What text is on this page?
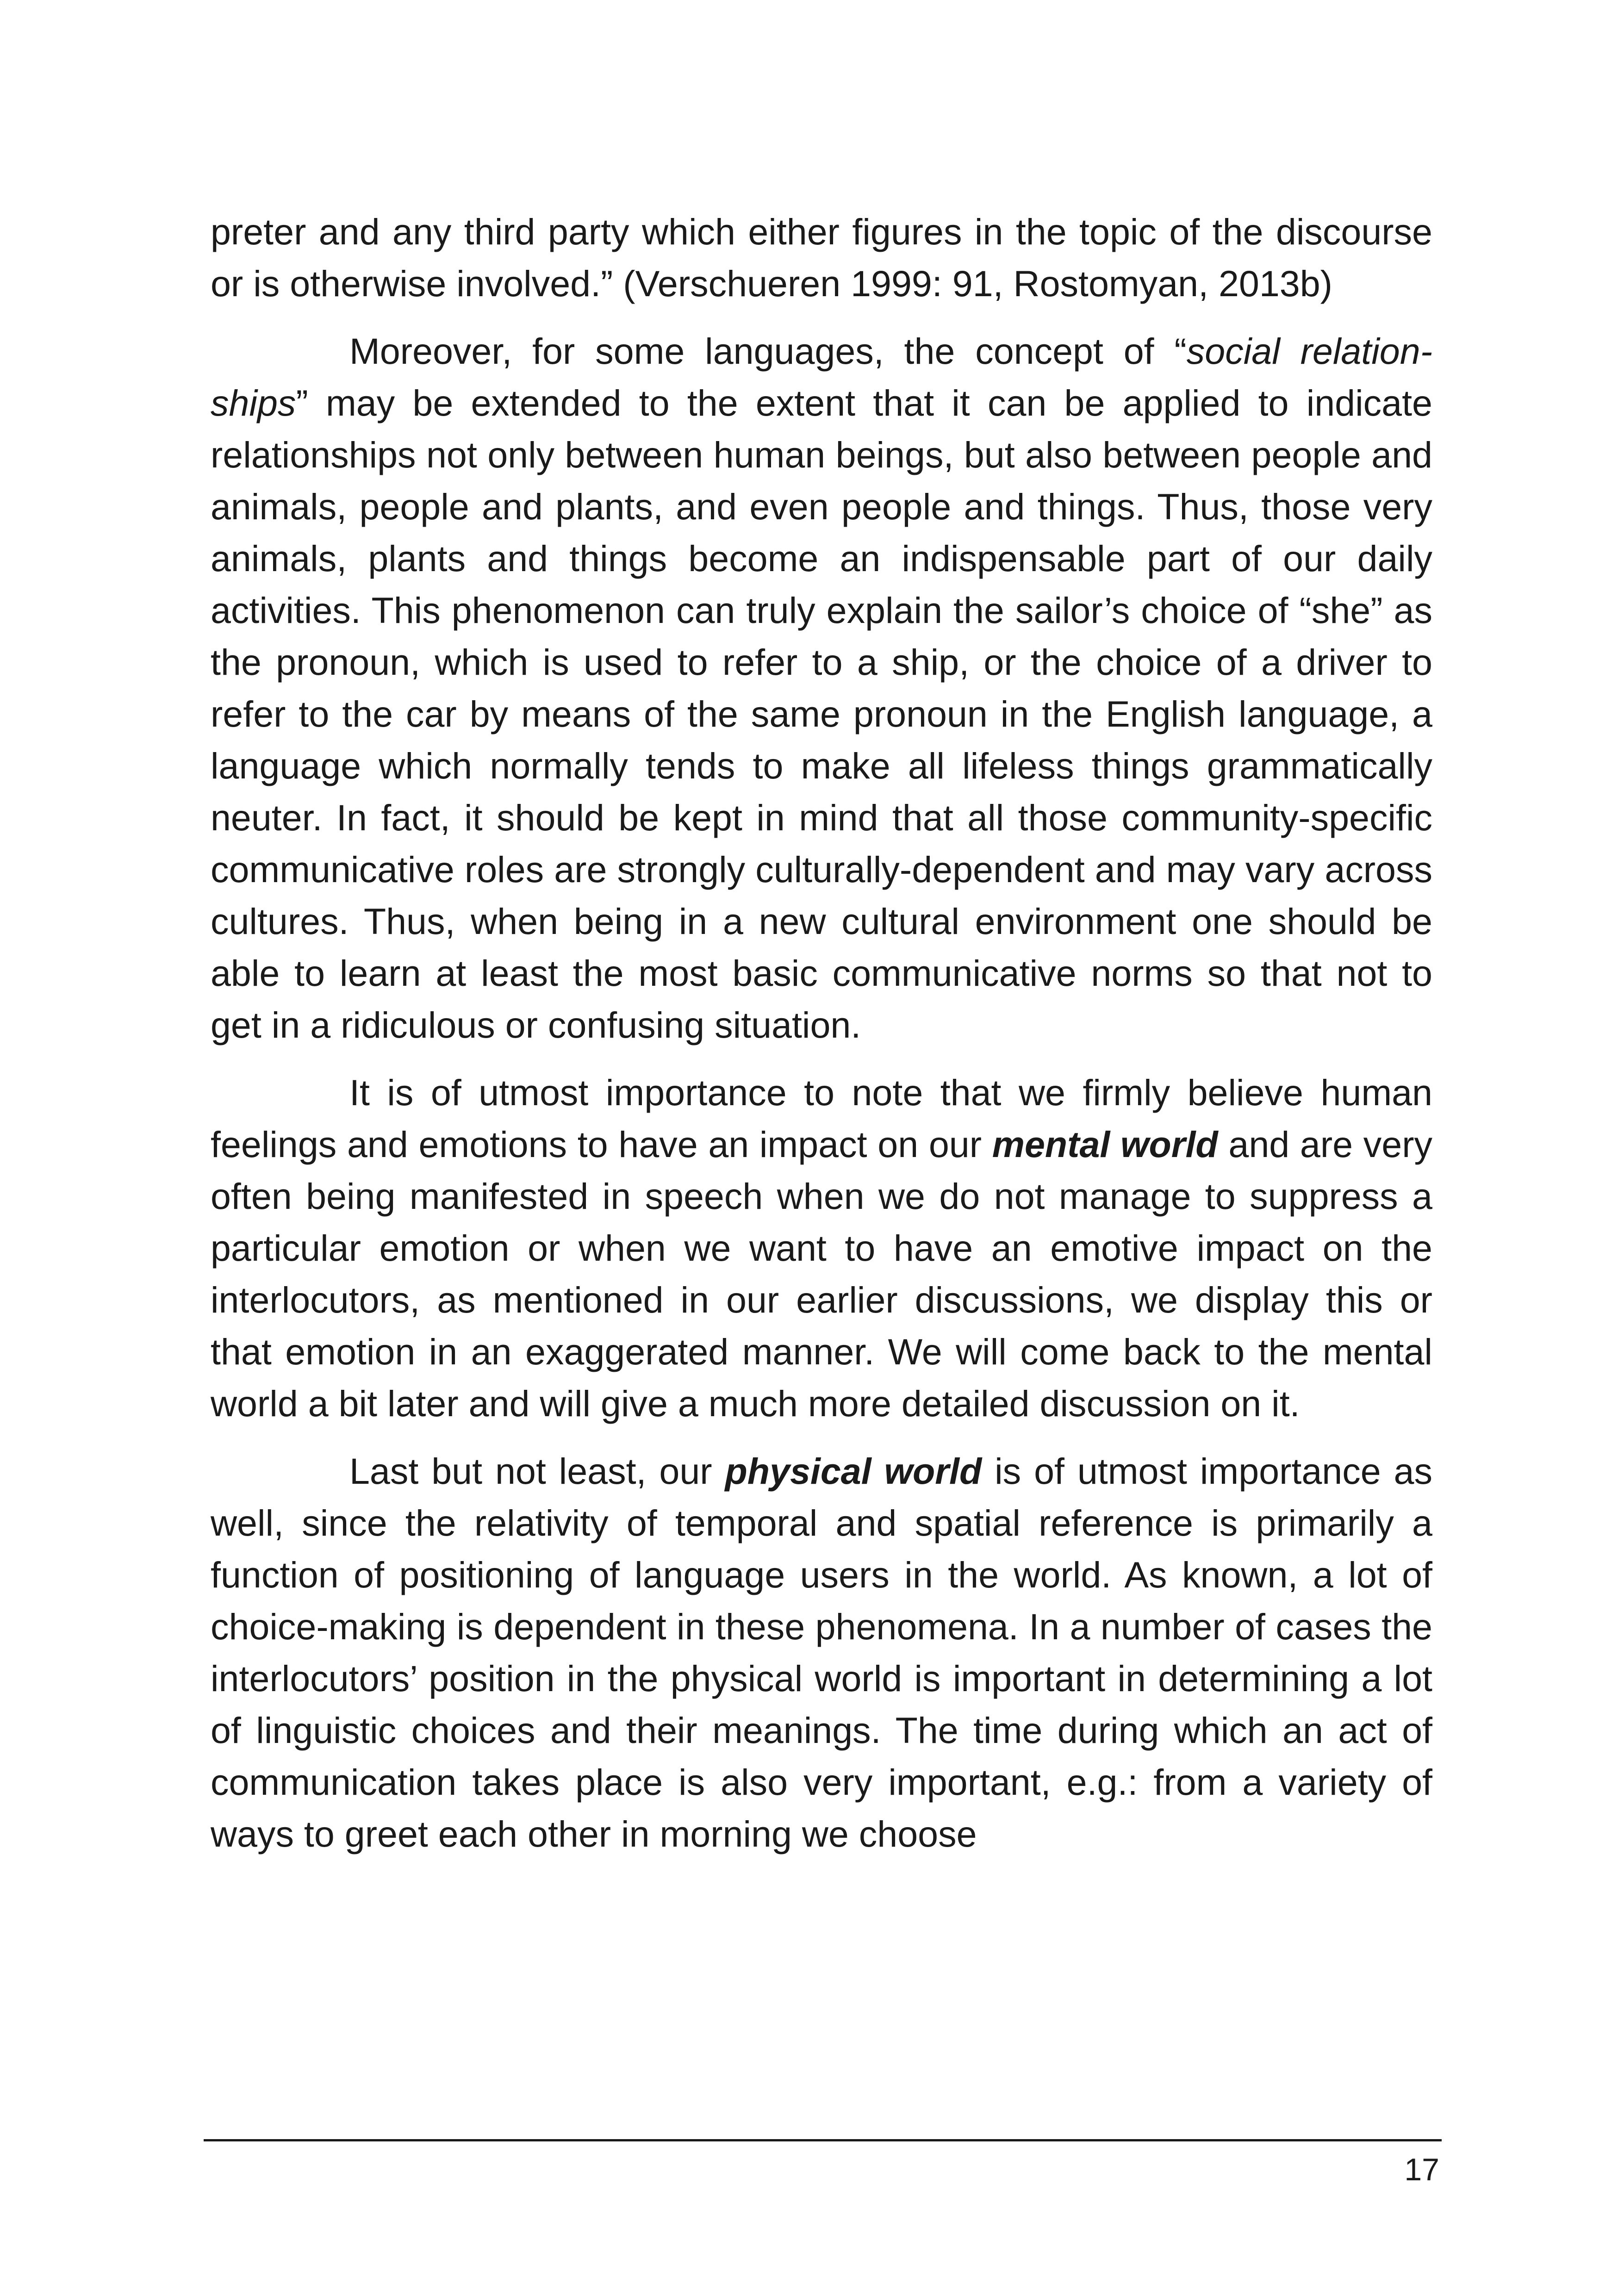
preter and any third party which either figures in the topic of the discourse or is otherwise involved.” (Verschueren 1999: 91, Rostomyan, 2013b)

Moreover, for some languages, the concept of “social relationships” may be extended to the extent that it can be applied to indicate relationships not only between human beings, but also between people and animals, people and plants, and even people and things. Thus, those very animals, plants and things become an indispensable part of our daily activities. This phenomenon can truly explain the sailor’s choice of “she” as the pronoun, which is used to refer to a ship, or the choice of a driver to refer to the car by means of the same pronoun in the English language, a language which normally tends to make all lifeless things grammatically neuter. In fact, it should be kept in mind that all those community-specific communicative roles are strongly culturally-dependent and may vary across cultures. Thus, when being in a new cultural environment one should be able to learn at least the most basic communicative norms so that not to get in a ridiculous or confusing situation.

It is of utmost importance to note that we firmly believe human feelings and emotions to have an impact on our mental world and are very often being manifested in speech when we do not manage to suppress a particular emotion or when we want to have an emotive impact on the interlocutors, as mentioned in our earlier discussions, we display this or that emotion in an exaggerated manner. We will come back to the mental world a bit later and will give a much more detailed discussion on it.

Last but not least, our physical world is of utmost importance as well, since the relativity of temporal and spatial reference is primarily a function of positioning of language users in the world. As known, a lot of choice-making is dependent in these phenomena. In a number of cases the interlocutors’ position in the physical world is important in determining a lot of linguistic choices and their meanings. The time during which an act of communication takes place is also very important, e.g.: from a variety of ways to greet each other in morning we choose

17
